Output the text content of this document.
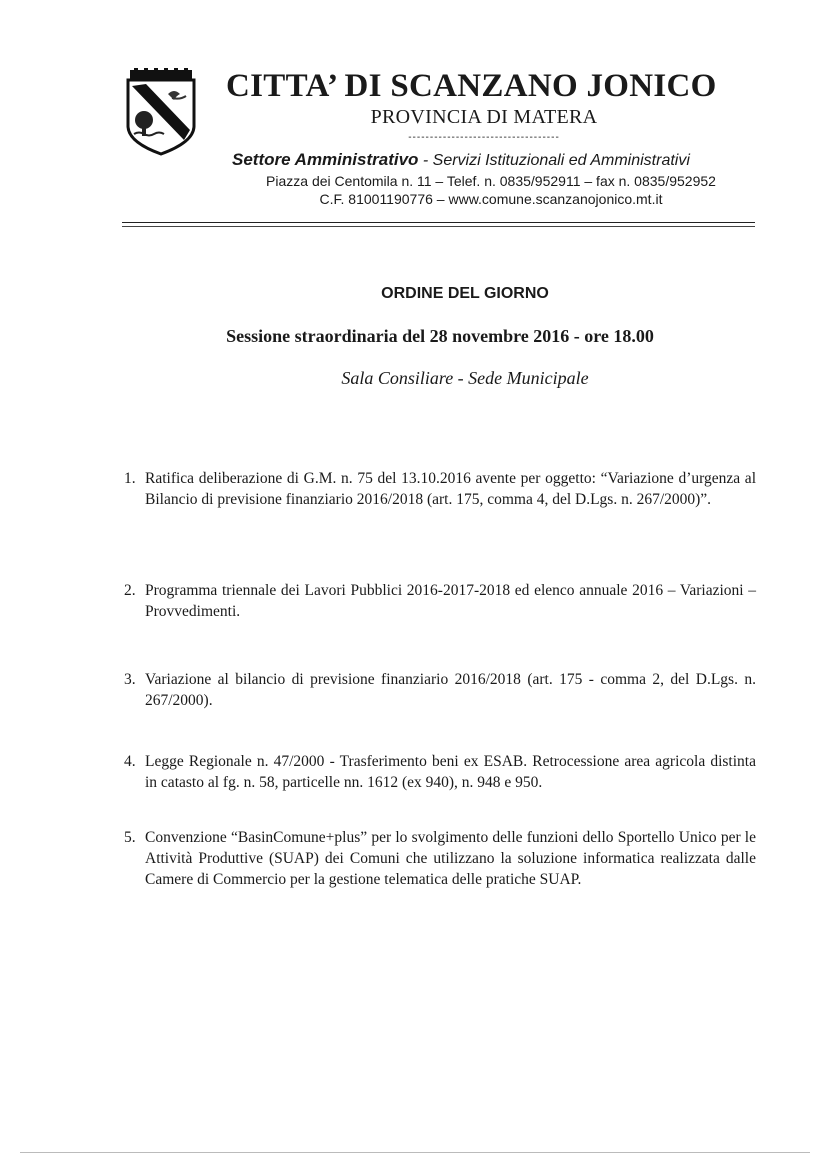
CITTA’ DI SCANZANO JONICO
PROVINCIA DI MATERA
-----------------------------------
Settore Amministrativo - Servizi Istituzionali ed Amministrativi
Piazza dei Centomila n. 11 – Telef. n. 0835/952911 – fax n. 0835/952952
C.F. 81001190776 – www.comune.scanzanojonico.mt.it
ORDINE DEL GIORNO
Sessione straordinaria del 28 novembre 2016 - ore 18.00
Sala Consiliare - Sede Municipale
1. Ratifica deliberazione di G.M. n. 75 del 13.10.2016 avente per oggetto: “Variazione d’urgenza al Bilancio di previsione finanziario 2016/2018 (art. 175, comma 4, del D.Lgs. n. 267/2000)”.
2. Programma triennale dei Lavori Pubblici 2016-2017-2018 ed elenco annuale 2016 – Variazioni – Provvedimenti.
3. Variazione al bilancio di previsione finanziario 2016/2018 (art. 175 - comma 2, del D.Lgs. n. 267/2000).
4. Legge Regionale n. 47/2000 - Trasferimento beni ex ESAB. Retrocessione area agricola distinta in catasto al fg. n. 58, particelle nn. 1612 (ex 940), n. 948 e 950.
5. Convenzione “BasinComune+plus” per lo svolgimento delle funzioni dello Sportello Unico per le Attività Produttive (SUAP) dei Comuni che utilizzano la soluzione informatica realizzata dalle Camere di Commercio per la gestione telematica delle pratiche SUAP.
